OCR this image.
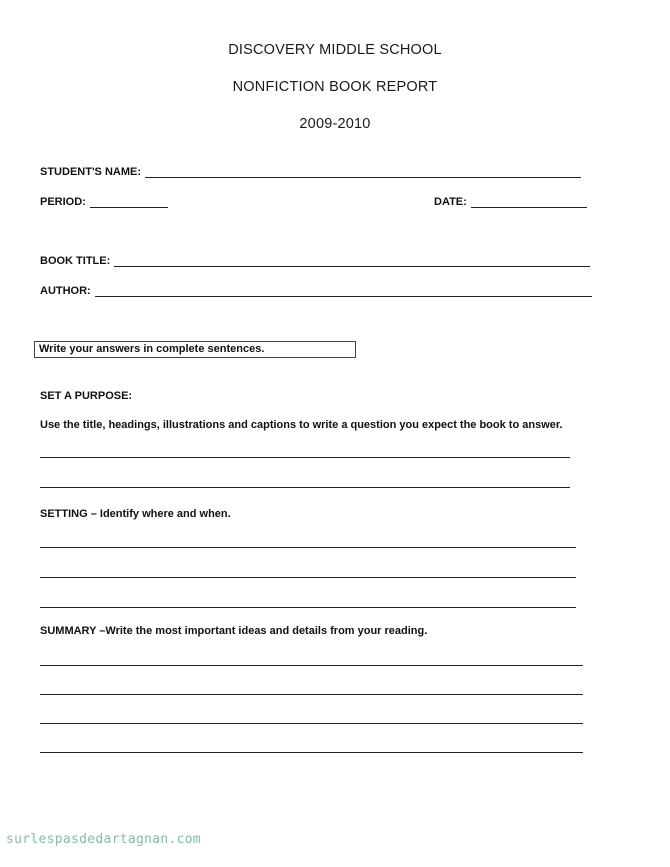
DISCOVERY MIDDLE SCHOOL
NONFICTION BOOK REPORT
2009-2010
STUDENT'S NAME:
PERIOD:	DATE:
BOOK TITLE:
AUTHOR:
Write your answers in complete sentences.
SET A PURPOSE:
Use the title, headings, illustrations and captions to write a question you expect the book to answer.
SETTING – Identify where and when.
SUMMARY –Write the most important ideas and details from your reading.
surlespasdedartagnan.com
